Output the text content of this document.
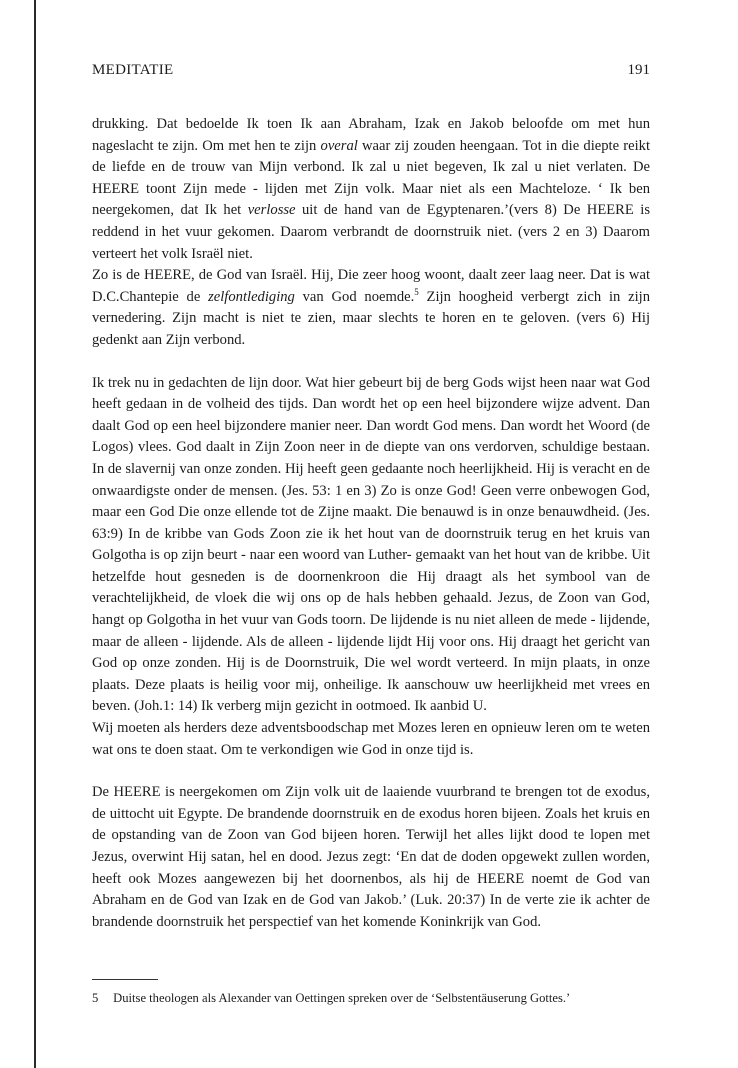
MEDITATIE	191

drukking. Dat bedoelde Ik toen Ik aan Abraham, Izak en Jakob beloofde om met hun nageslacht te zijn. Om met hen te zijn overal waar zij zouden heengaan. Tot in die diepte reikt de liefde en de trouw van Mijn verbond. Ik zal u niet begeven, Ik zal u niet verlaten. De HEERE toont Zijn mede - lijden met Zijn volk. Maar niet als een Machteloze. ‘ Ik ben neergekomen, dat Ik het verlosse uit de hand van de Egyptenaren.’(vers 8) De HEERE is reddend in het vuur gekomen. Daarom verbrandt de doornstruik niet. (vers 2 en 3) Daarom verteert het volk Israël niet.

Zo is de HEERE, de God van Israël. Hij, Die zeer hoog woont, daalt zeer laag neer. Dat is wat D.C.Chantepie de zelfontlediging van God noemde.$^5$ Zijn hoogheid verbergt zich in zijn vernedering. Zijn macht is niet te zien, maar slechts te horen en te geloven. (vers 6) Hij gedenkt aan Zijn verbond.

Ik trek nu in gedachten de lijn door. Wat hier gebeurt bij de berg Gods wijst heen naar wat God heeft gedaan in de volheid des tijds. Dan wordt het op een heel bijzondere wijze advent. Dan daalt God op een heel bijzondere manier neer. Dan wordt God mens. Dan wordt het Woord (de Logos) vlees. God daalt in Zijn Zoon neer in de diepte van ons verdorven, schuldige bestaan. In de slavernij van onze zonden. Hij heeft geen gedaante noch heerlijkheid. Hij is veracht en de onwaardigste onder de mensen. (Jes. 53: 1 en 3) Zo is onze God! Geen verre onbewogen God, maar een God Die onze ellende tot de Zijne maakt. Die benauwd is in onze benauwdheid. (Jes. 63:9) In de kribbe van Gods Zoon zie ik het hout van de doornstruik terug en het kruis van Golgotha is op zijn beurt - naar een woord van Luther- gemaakt van het hout van de kribbe. Uit hetzelfde hout gesneden is de doornenkroon die Hij draagt als het symbool van de verachtelijkheid, de vloek die wij ons op de hals hebben gehaald. Jezus, de Zoon van God, hangt op Golgotha in het vuur van Gods toorn. De lijdende is nu niet alleen de mede - lijdende, maar de alleen - lijdende. Als de alleen - lijdende lijdt Hij voor ons. Hij draagt het gericht van God op onze zonden. Hij is de Doornstruik, Die wel wordt verteerd. In mijn plaats, in onze plaats. Deze plaats is heilig voor mij, onheilige. Ik aanschouw uw heerlijkheid met vrees en beven. (Joh.1: 14) Ik verberg mijn gezicht in ootmoed. Ik aanbid U.

Wij moeten als herders deze adventsboodschap met Mozes leren en opnieuw leren om te weten wat ons te doen staat. Om te verkondigen wie God in onze tijd is.

De HEERE is neergekomen om Zijn volk uit de laaiende vuurbrand te brengen tot de exodus, de uittocht uit Egypte. De brandende doornstruik en de exodus horen bijeen. Zoals het kruis en de opstanding van de Zoon van God bijeen horen. Terwijl het alles lijkt dood te lopen met Jezus, overwint Hij satan, hel en dood. Jezus zegt: ‘En dat de doden opgewekt zullen worden, heeft ook Mozes aangewezen bij het doornenbos, als hij de HEERE noemt de God van Abraham en de God van Izak en de God van Jakob.’ (Luk. 20:37) In de verte zie ik achter de brandende doornstruik het perspectief van het komende Koninkrijk van God.

5 Duitse theologen als Alexander van Oettingen spreken over de ‘Selbstentäuserung Gottes.’
